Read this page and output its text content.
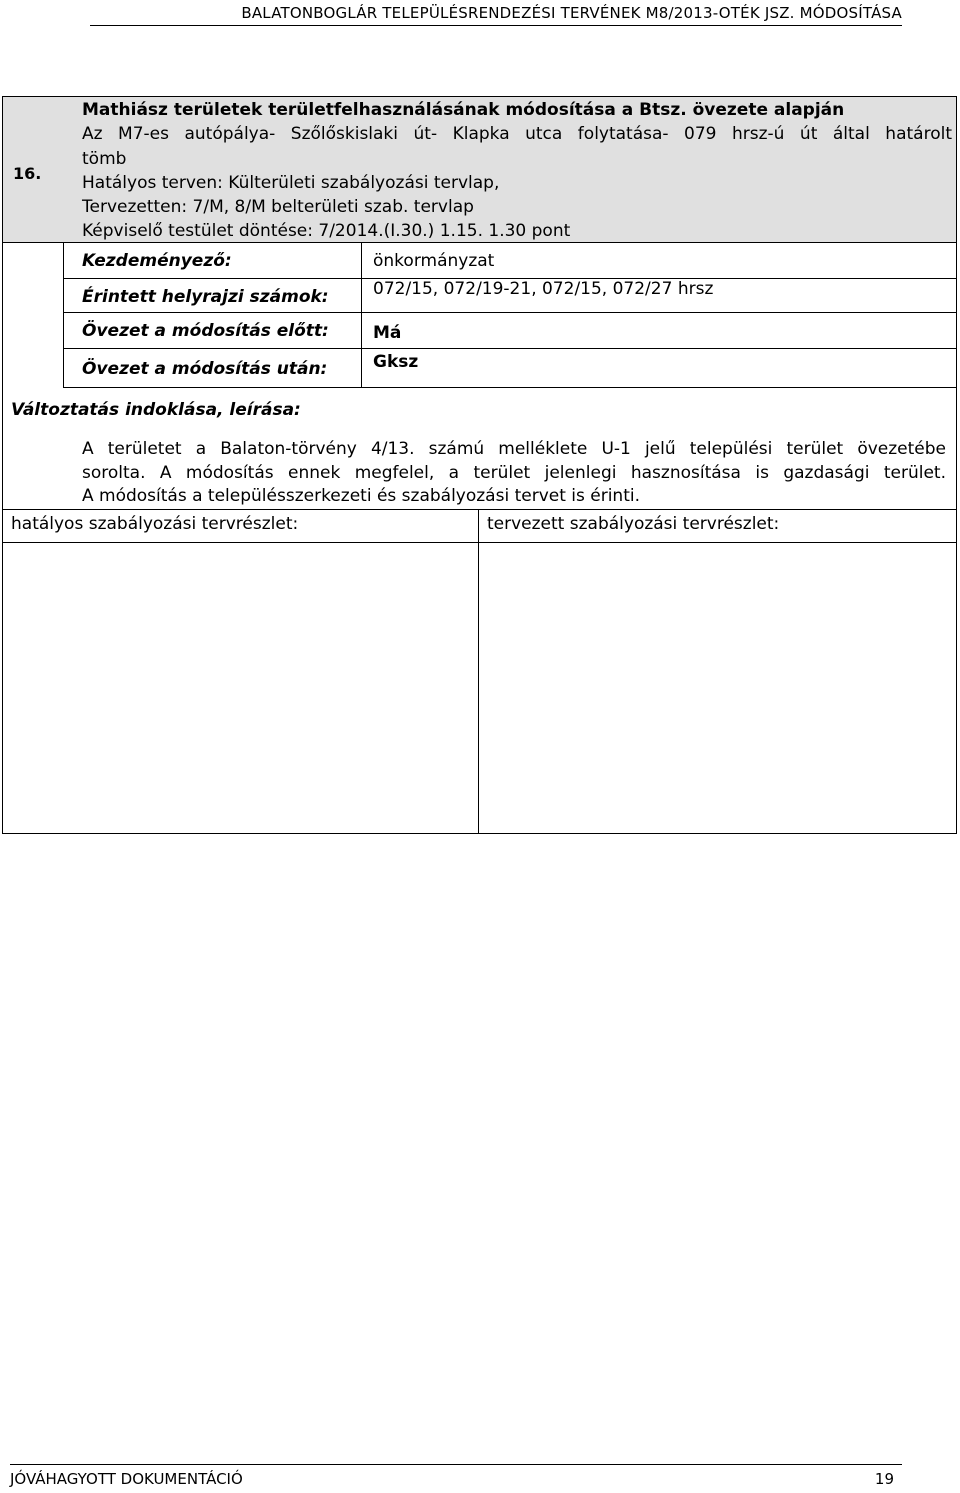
BALATONBOGLÁR TELEPÜLÉSRENDEZÉSI TERVÉNEK M8/2013-OTÉK JSZ. MÓDOSÍTÁSA
16.
Mathiász területek területfelhasználásának módosítása a Btsz. övezete alapján
Az M7-es autópálya- Szőlőskislaki út- Klapka utca folytatása- 079 hrsz-ú út által határolt
tömb
Hatályos terven: Külterületi szabályozási tervlap,
Tervezetten: 7/M, 8/M belterületi szab. tervlap
Képviselő testület döntése: 7/2014.(I.30.) 1.15. 1.30 pont
Kezdeményező:	önkormányzat
Érintett helyrajzi számok:	072/15, 072/19-21, 072/15, 072/27 hrsz
Övezet a módosítás előtt:	Má
Övezet a módosítás után:	Gksz
Változtatás indoklása, leírása:
A területet a Balaton-törvény 4/13. számú melléklete U-1 jelű települési terület övezetébe
sorolta. A módosítás ennek megfelel, a terület jelenlegi hasznosítása is gazdasági terület.
A módosítás a településszerkezeti és szabályozási tervet is érinti.
hatályos szabályozási tervrészlet:	tervezett szabályozási tervrészlet:
JÓVÁHAGYOTT DOKUMENTÁCIÓ	19
